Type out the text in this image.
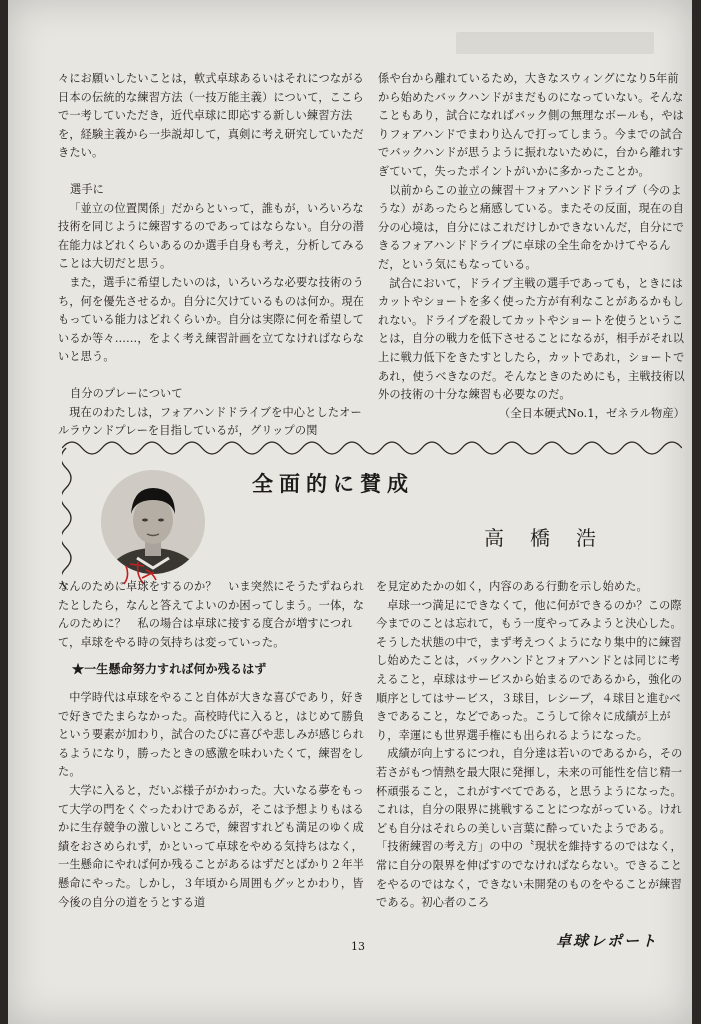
々にお願いしたいことは，軟式卓球あるいはそれにつながる日本の伝統的な練習方法（一技万能主義）について，ここらで一考していただき，近代卓球に即応する新しい練習方法を，経験主義から一歩説却して，真剣に考え研究していただきたい。

選手に

「並立の位置関係」だからといって，誰もが，いろいろな技術を同じように練習するのであってはならない。自分の潜在能力はどれくらいあるのか選手自身も考え，分析してみることは大切だと思う。

また，選手に希望したいのは，いろいろな必要な技術のうち，何を優先させるか。自分に欠けているものは何か。現在もっている能力はどれくらいか。自分は実際に何を希望しているか等々……，をよく考え練習計画を立てなければならないと思う。

自分のプレーについて

現在のわたしは，フォアハンドドライブを中心としたオールラウンドプレーを目指しているが，グリップの関

係や台から離れているため，大きなスウィングになり5年前から始めたバックハンドがまだものになっていない。そんなこともあり，試合になればバック側の無理なボールも，やはりフォアハンドでまわり込んで打ってしまう。今までの試合でバックハンドが思うように振れないために，台から離れすぎていて，失ったポイントがいかに多かったことか。

以前からこの並立の練習＋フォアハンドドライブ（今のような）があったらと痛感している。またその反面，現在の自分の心境は，自分にはこれだけしかできないんだ，自分にできるフォアハンドドライブに卓球の全生命をかけてやるんだ，という気にもなっている。

試合において，ドライブ主戦の選手であっても，ときにはカットやショートを多く使った方が有利なことがあるかもしれない。ドライブを殺してカットやショートを使うということは，自分の戦力を低下させることになるが，相手がそれ以上に戦力低下をきたすとしたら，カットであれ，ショートであれ，使うべきなのだ。そんなときのためにも，主戦技術以外の技術の十分な練習も必要なのだ。

（全日本硬式No.1，ゼネラル物産）

全面的に賛成
高橋浩

なんのために卓球をするのか？　いま突然にそうたずねられたとしたら，なんと答えてよいのか困ってしまう。一体，なんのために？　私の場合は卓球に接する度合が増すにつれて，卓球をやる時の気持ちは変っていった。

★一生懸命努力すれば何か残るはず

中学時代は卓球をやること自体が大きな喜びであり，好きで好きでたまらなかった。高校時代に入ると，はじめて勝負という要素が加わり，試合のたびに喜びや悲しみが感じられるようになり，勝ったときの感激を味わいたくて，練習をした。

大学に入ると，だいぶ様子がかわった。大いなる夢をもって大学の門をくぐったわけであるが，そこは予想よりもはるかに生存競争の激しいところで，練習すれども満足のゆく成績をおさめられず，かといって卓球をやめる気持ちはなく，一生懸命にやれば何か残ることがあるはずだとばかり２年半懸命にやった。しかし，３年頃から周囲もグッとかわり，皆今後の自分の道をうとする道

を見定めたかの如く，内容のある行動を示し始めた。

卓球一つ満足にできなくて，他に何ができるのか？この際今までのことは忘れて，もう一度やってみようと決心した。そうした状態の中で，まず考えつくようになり集中的に練習し始めたことは，バックハンドとフォアハンドとは同じに考えること，卓球はサービスから始まるのであるから，強化の順序としてはサービス，３球目，レシーブ，４球目と進むべきであること，などであった。こうして徐々に成績が上がり，幸運にも世界選手権にも出られるようになった。

成績が向上するにつれ，自分達は若いのであるから，その若さがもつ情熱を最大限に発揮し，未来の可能性を信じ精一杯頑張ること，これがすべてである，と思うようになった。これは，自分の限界に挑戦することにつながっている。けれども自分はそれらの美しい言葉に酔っていたようである。「技術練習の考え方」の中の〝現状を維持するのではなく，常に自分の限界を伸ばすのでなければならない。できることをやるのではなく，できない未開発のものをやることが練習である。初心者のころ

13	卓球レポート
